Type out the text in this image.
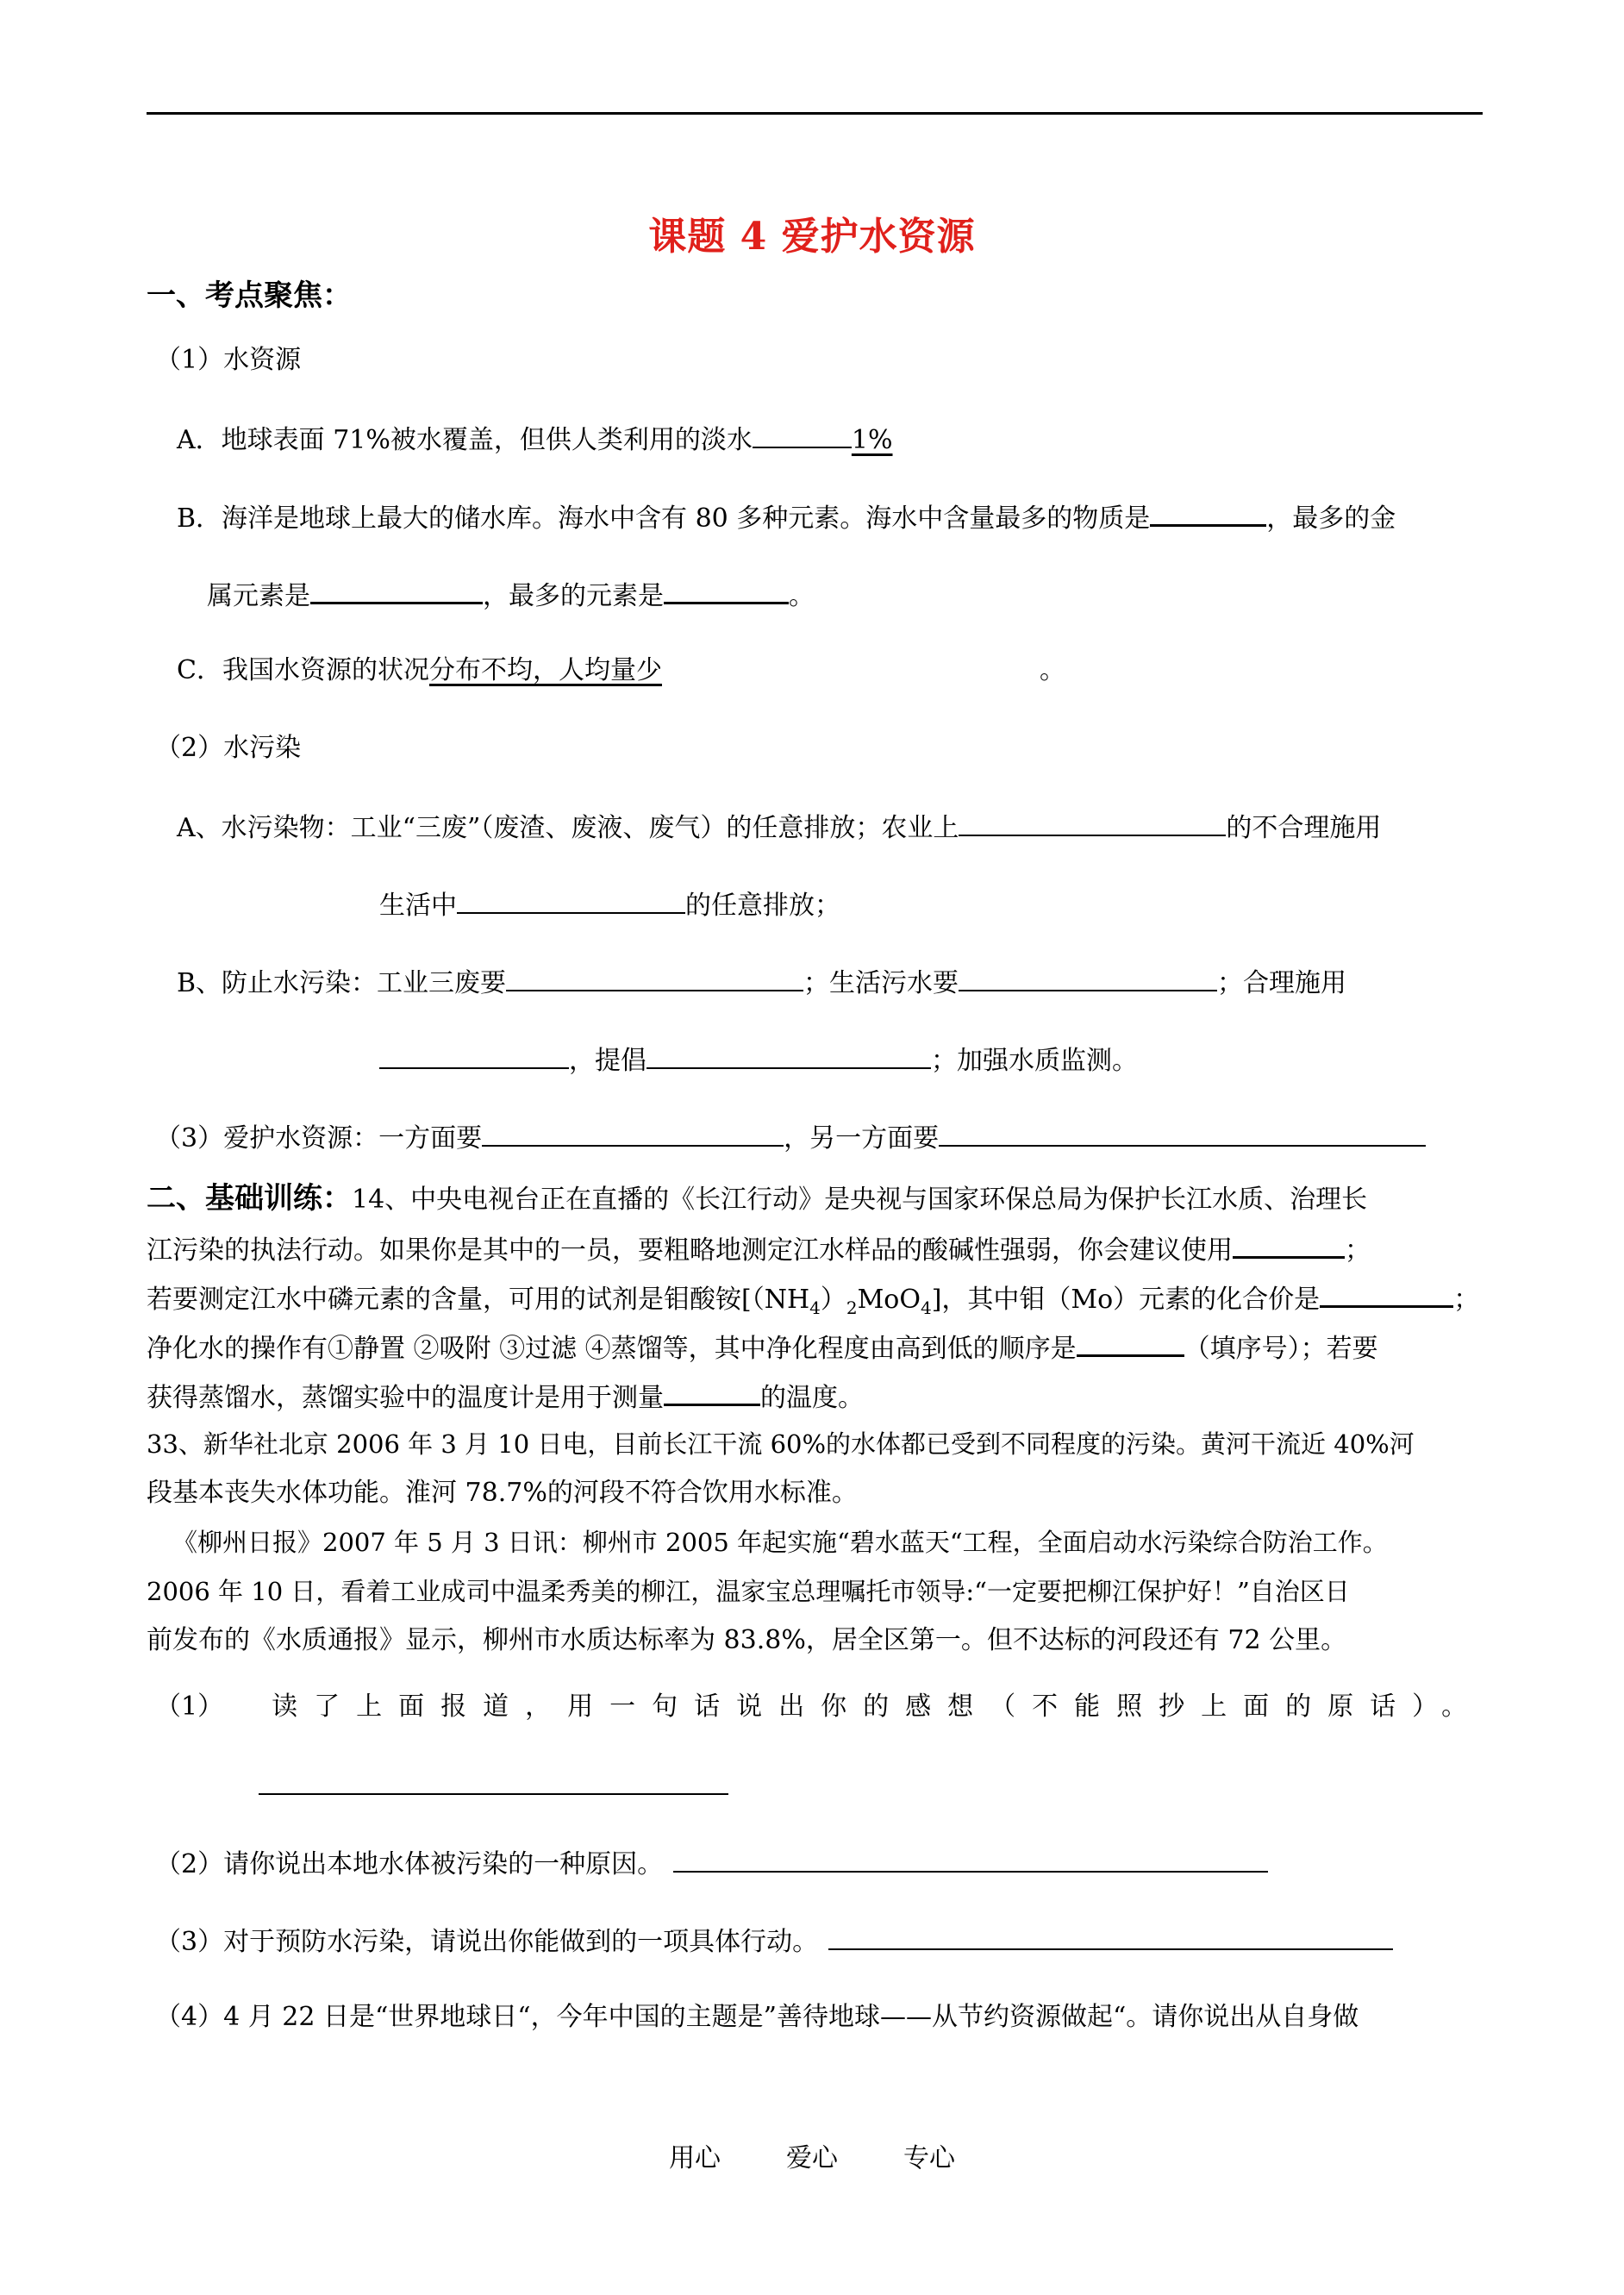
课题 4 爱护水资源
一、考点聚焦：
（1）水资源
A．地球表面 71%被水覆盖，但供人类利用的淡水	1%
B．海洋是地球上最大的储水库。海水中含有 80 多种元素。海水中含量最多的物质是	，最多的金
属元素是	，最多的元素是	。
C．我国水资源的状况分布不均，人均量少	。
（2）水污染
A、水污染物：工业“三废”（废渣、废液、废气）的任意排放；农业上	的不合理施用
生活中	的任意排放；
B、防止水污染：工业三废要	；生活污水要	；合理施用
，提倡	；加强水质监测。
（3）爱护水资源：一方面要	，另一方面要
二、基础训练：14、中央电视台正在直播的《长江行动》是央视与国家环保总局为保护长江水质、治理长
江污染的执法行动。如果你是其中的一员，要粗略地测定江水样品的酸碱性强弱，你会建议使用	；
若要测定江水中磷元素的含量，可用的试剂是钼酸铵$[(NH_4)_2MoO_4]$，其中钼（Mo）元素的化合价是	；
净化水的操作有①静置 ②吸附 ③过滤 ④蒸馏等，其中净化程度由高到低的顺序是	（填序号）；若要
获得蒸馏水，蒸馏实验中的温度计是用于测量	的温度。
33、新华社北京 2006 年 3 月 10 日电，目前长江干流 60%的水体都已受到不同程度的污染。黄河干流近 40%河
段基本丧失水体功能。淮河 78.7%的河段不符合饮用水标准。
《柳州日报》2007 年 5 月 3 日讯：柳州市 2005 年起实施“碧水蓝天“工程，全面启动水污染综合防治工作。
2006 年 10 日，看着工业成司中温柔秀美的柳江，温家宝总理嘱托市领导:“一定要把柳江保护好！”自治区日
前发布的《水质通报》显示，柳州市水质达标率为 83.8%，居全区第一。但不达标的河段还有 72 公里。
（1） 读了上面报道，用一句话说出你的感想（不能照抄上面的原话）。
（2）请你说出本地水体被污染的一种原因。
（3）对于预防水污染，请说出你能做到的一项具体行动。
（4）4 月 22 日是“世界地球日“，今年中国的主题是”善待地球——从节约资源做起“。请你说出从自身做
用心	爱心	专心
